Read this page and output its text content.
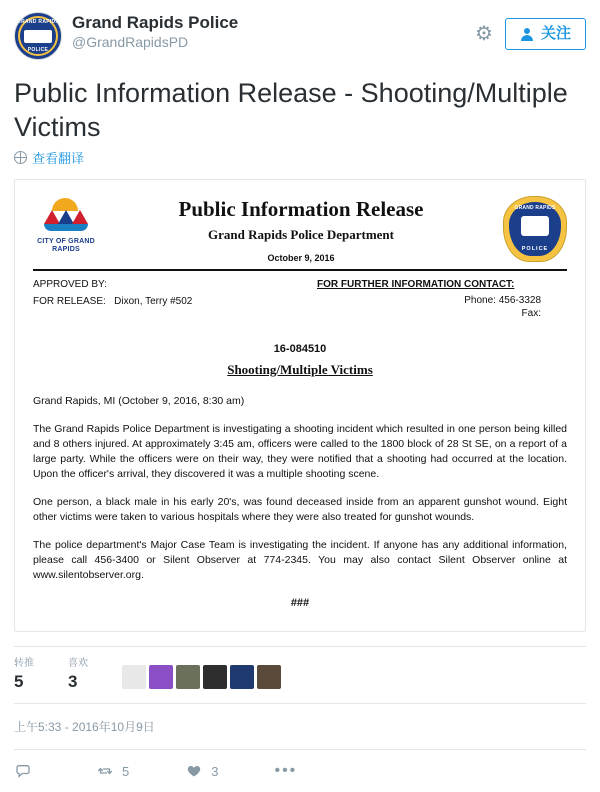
GRAND RAPIDS
POLICE
Grand Rapids Police
@GrandRapidsPD	⚙	关注
Public Information Release - Shooting/Multiple Victims
查看翻译
CITY OF GRAND RAPIDS
Public Information Release
Grand Rapids Police Department
October 9, 2016
GRAND RAPIDS
POLICE
APPROVED BY:
FOR RELEASE: Dixon, Terry #502
FOR FURTHER INFORMATION CONTACT:
Phone: 456-3328
Fax:
16-084510
Shooting/Multiple Victims

Grand Rapids, MI (October 9, 2016, 8:30 am)

The Grand Rapids Police Department is investigating a shooting incident which resulted in one person being killed and 8 others injured. At approximately 3:45 am, officers were called to the 1800 block of 28 St SE, on a report of a large party. While the officers were on their way, they were notified that a shooting had occurred at the location. Upon the officer's arrival, they discovered it was a multiple shooting scene.

One person, a black male in his early 20's, was found deceased inside from an apparent gunshot wound. Eight other victims were taken to various hospitals where they were also treated for gunshot wounds.

The police department's Major Case Team is investigating the incident. If anyone has any additional information, please call 456-3400 or Silent Observer at 774-2345. You may also contact Silent Observer online at www.silentobserver.org.

###
转推
5
喜欢
3
上午5:33 - 2016年10月9日
5	3	•••
